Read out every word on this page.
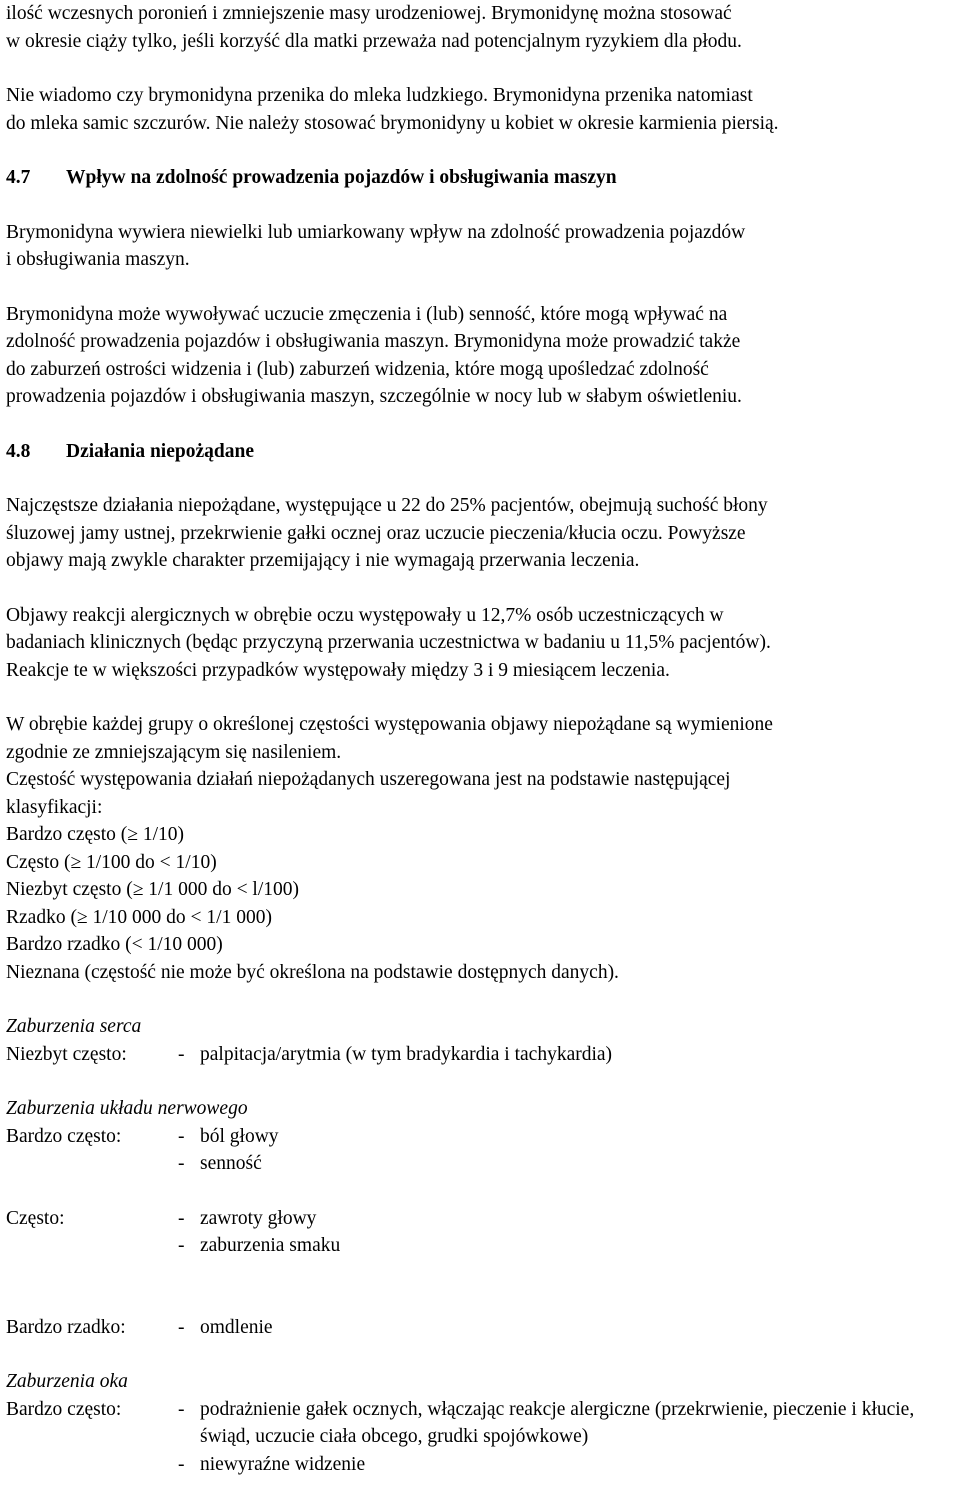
ilość wczesnych poronień i zmniejszenie masy urodzeniowej. Brymonidynę można stosować
w okresie ciąży tylko, jeśli korzyść dla matki przeważa nad potencjalnym ryzykiem dla płodu.

Nie wiadomo czy brymonidyna przenika do mleka ludzkiego. Brymonidyna przenika natomiast
do mleka samic szczurów. Nie należy stosować brymonidyny u kobiet w okresie karmienia piersią.

4.7 Wpływ na zdolność prowadzenia pojazdów i obsługiwania maszyn

Brymonidyna wywiera niewielki lub umiarkowany wpływ na zdolność prowadzenia pojazdów
i obsługiwania maszyn.

Brymonidyna może wywoływać uczucie zmęczenia i (lub) senność, które mogą wpływać na
zdolność prowadzenia pojazdów i obsługiwania maszyn. Brymonidyna może prowadzić także
do zaburzeń ostrości widzenia i (lub) zaburzeń widzenia, które mogą upośledzać zdolność
prowadzenia pojazdów i obsługiwania maszyn, szczególnie w nocy lub w słabym oświetleniu.

4.8 Działania niepożądane

Najczęstsze działania niepożądane, występujące u 22 do 25% pacjentów, obejmują suchość błony
śluzowej jamy ustnej, przekrwienie gałki ocznej oraz uczucie pieczenia/kłucia oczu. Powyższe
objawy mają zwykle charakter przemijający i nie wymagają przerwania leczenia.

Objawy reakcji alergicznych w obrębie oczu występowały u 12,7% osób uczestniczących w
badaniach klinicznych (będąc przyczyną przerwania uczestnictwa w badaniu u 11,5% pacjentów).
Reakcje te w większości przypadków występowały między 3 i 9 miesiącem leczenia.

W obrębie każdej grupy o określonej częstości występowania objawy niepożądane są wymienione
zgodnie ze zmniejszającym się nasileniem.
Częstość występowania działań niepożądanych uszeregowana jest na podstawie następującej
klasyfikacji:
Bardzo często (≥ 1/10)
Często (≥ 1/100 do < 1/10)
Niezbyt często (≥ 1/1 000 do < l/100)
Rzadko (≥ 1/10 000 do < 1/1 000)
Bardzo rzadko (< 1/10 000)
Nieznana (częstość nie może być określona na podstawie dostępnych danych).

Zaburzenia serca

Niezbyt często:	- palpitacja/arytmia (w tym bradykardia i tachykardia)

Zaburzenia układu nerwowego

Bardzo często:	- ból głowy
- senność
Często:	- zawroty głowy
- zaburzenia smaku
Bardzo rzadko:	- omdlenie

Zaburzenia oka

Bardzo często:	- podrażnienie gałek ocznych, włączając reakcje alergiczne (przekrwienie, pieczenie i kłucie, świąd, uczucie ciała obcego, grudki spojówkowe)
- niewyraźne widzenie
